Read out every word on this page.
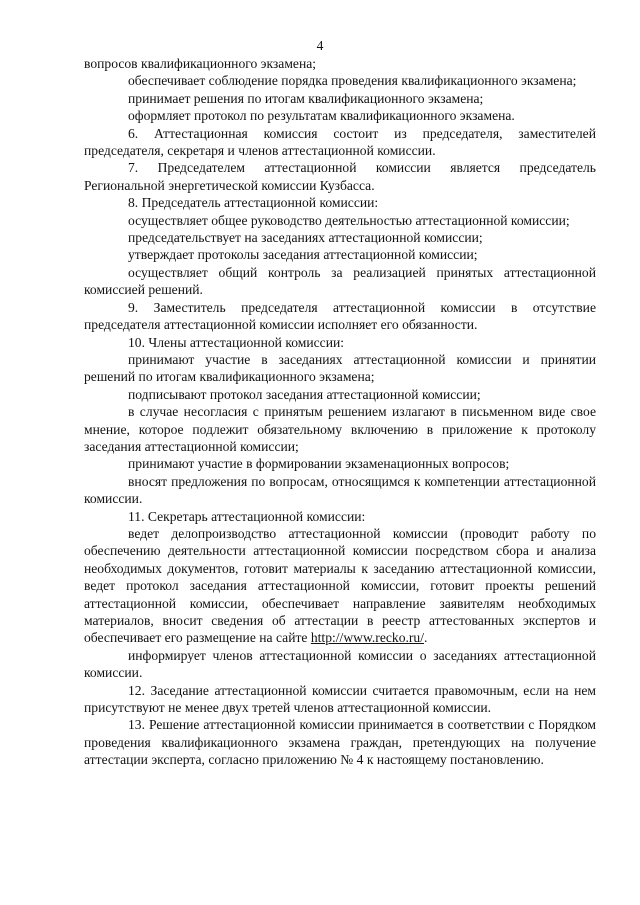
4

вопросов квалификационного экзамена;

обеспечивает соблюдение порядка проведения квалификационного экзамена;

принимает решения по итогам квалификационного экзамена;

оформляет протокол по результатам квалификационного экзамена.

6. Аттестационная комиссия состоит из председателя, заместителей председателя, секретаря и членов аттестационной комиссии.

7. Председателем аттестационной комиссии является председатель Региональной энергетической комиссии Кузбасса.

8. Председатель аттестационной комиссии:

осуществляет общее руководство деятельностью аттестационной комиссии;

председательствует на заседаниях аттестационной комиссии;

утверждает протоколы заседания аттестационной комиссии;

осуществляет общий контроль за реализацией принятых аттестационной комиссией решений.

9. Заместитель председателя аттестационной комиссии в отсутствие председателя аттестационной комиссии исполняет его обязанности.

10. Члены аттестационной комиссии:

принимают участие в заседаниях аттестационной комиссии и принятии решений по итогам квалификационного экзамена;

подписывают протокол заседания аттестационной комиссии;

в случае несогласия с принятым решением излагают в письменном виде свое мнение, которое подлежит обязательному включению в приложение к протоколу заседания аттестационной комиссии;

принимают участие в формировании экзаменационных вопросов;

вносят предложения по вопросам, относящимся к компетенции аттестационной комиссии.

11. Секретарь аттестационной комиссии:

ведет делопроизводство аттестационной комиссии (проводит работу по обеспечению деятельности аттестационной комиссии посредством сбора и анализа необходимых документов, готовит материалы к заседанию аттестационной комиссии, ведет протокол заседания аттестационной комиссии, готовит проекты решений аттестационной комиссии, обеспечивает направление заявителям необходимых материалов, вносит сведения об аттестации в реестр аттестованных экспертов и обеспечивает его размещение на сайте http://www.recko.ru/.

информирует членов аттестационной комиссии о заседаниях аттестационной комиссии.

12. Заседание аттестационной комиссии считается правомочным, если на нем присутствуют не менее двух третей членов аттестационной комиссии.

13. Решение аттестационной комиссии принимается в соответствии с Порядком проведения квалификационного экзамена граждан, претендующих на получение аттестации эксперта, согласно приложению № 4 к настоящему постановлению.
